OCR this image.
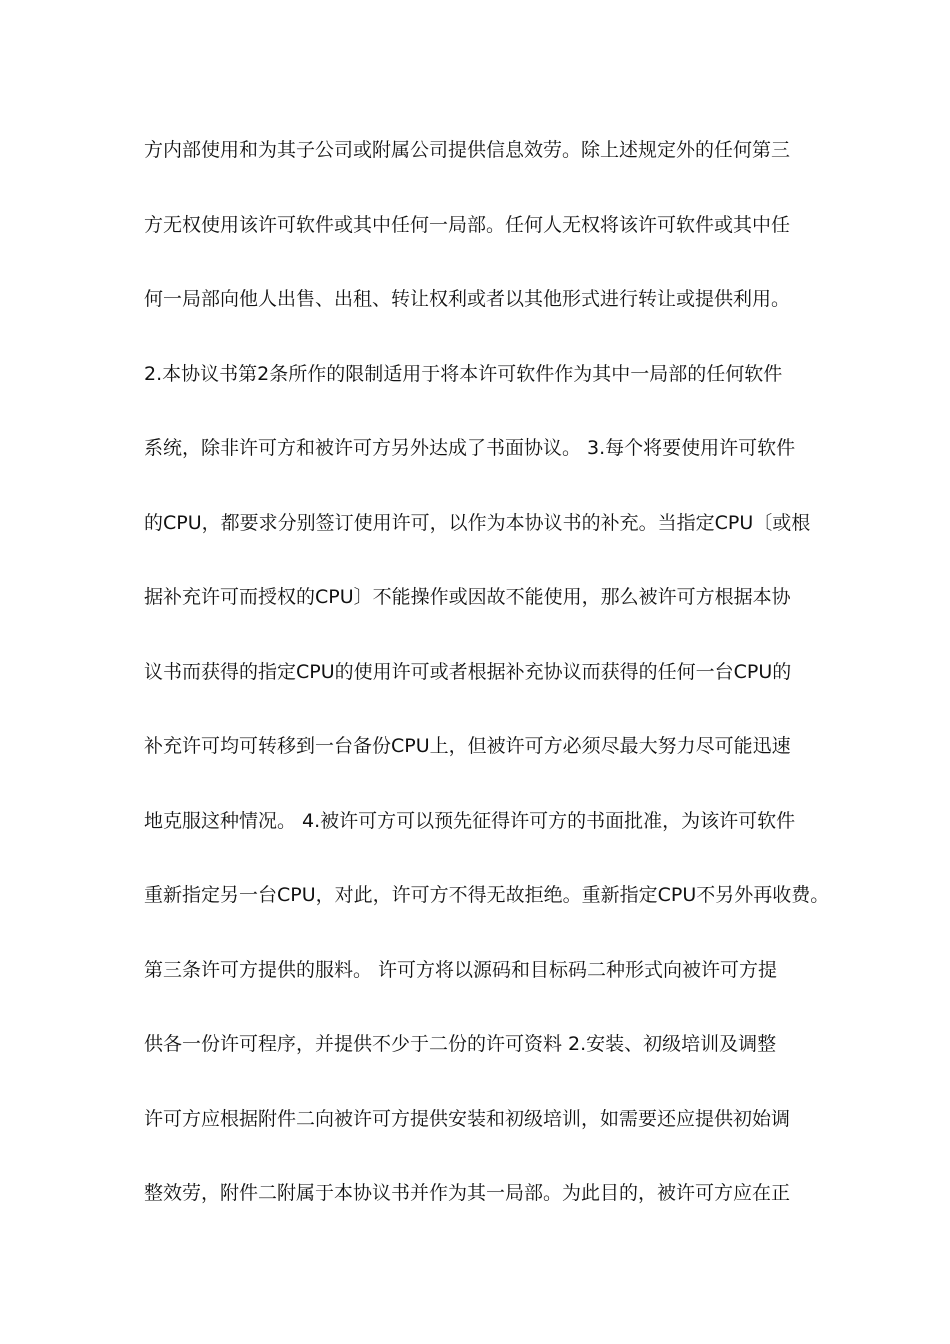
方内部使用和为其子公司或附属公司提供信息效劳。除上述规定外的任何第三
方无权使用该许可软件或其中任何一局部。任何人无权将该许可软件或其中任
何一局部向他人出售、出租、转让权利或者以其他形式进行转让或提供利用。
2.本协议书第2条所作的限制适用于将本许可软件作为其中一局部的任何软件
系统，除非许可方和被许可方另外达成了书面协议。 3.每个将要使用许可软件
的CPU，都要求分别签订使用许可，以作为本协议书的补充。当指定CPU〔或根
据补充许可而授权的CPU〕不能操作或因故不能使用，那么被许可方根据本协
议书而获得的指定CPU的使用许可或者根据补充协议而获得的任何一台CPU的
补充许可均可转移到一台备份CPU上，但被许可方必须尽最大努力尽可能迅速
地克服这种情况。 4.被许可方可以预先征得许可方的书面批准，为该许可软件
重新指定另一台CPU，对此，许可方不得无故拒绝。重新指定CPU不另外再收费。
第三条许可方提供的服料。 许可方将以源码和目标码二种形式向被许可方提
供各一份许可程序，并提供不少于二份的许可资料 2.安装、初级培训及调整
许可方应根据附件二向被许可方提供安装和初级培训，如需要还应提供初始调
整效劳，附件二附属于本协议书并作为其一局部。为此目的，被许可方应在正
